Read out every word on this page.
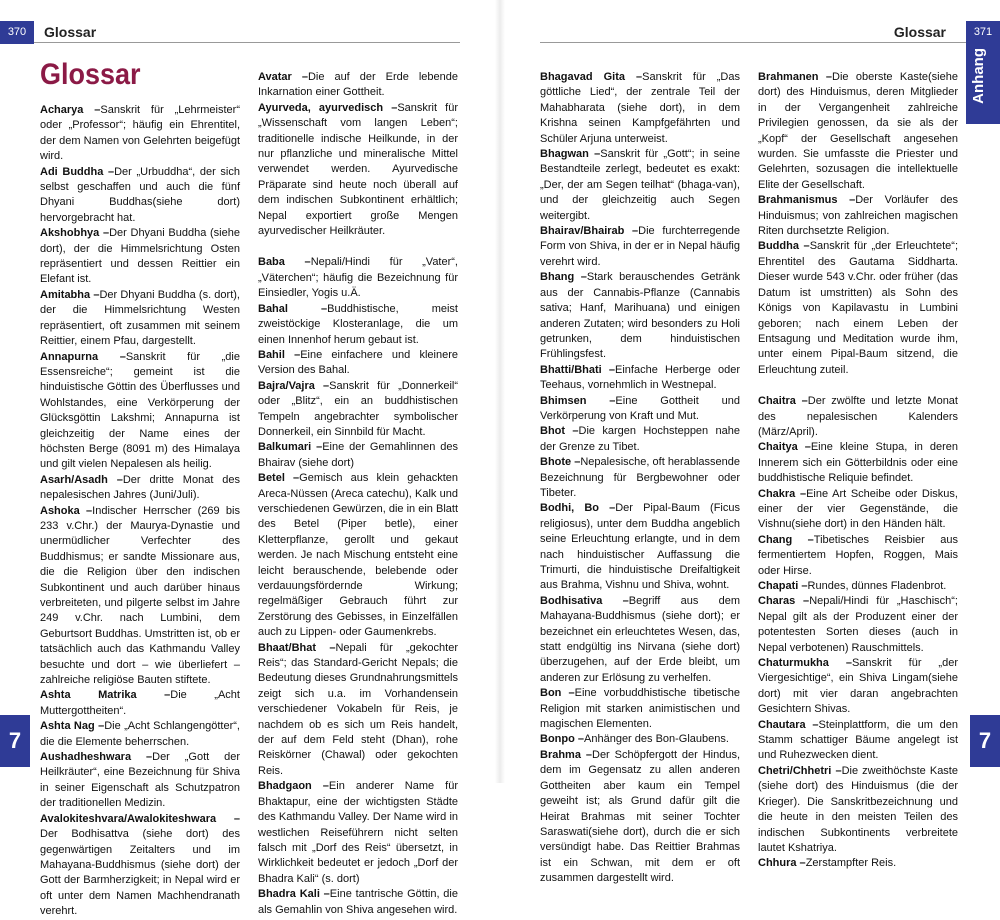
370	Glossar
Glossar

Acharya – Sanskrit für „Lehrmeister“ oder „Professor“; häufig ein Ehrentitel, der dem Namen von Gelehrten beigefügt wird.

Adi Buddha – Der „Urbuddha“, der sich selbst geschaffen und auch die fünf Dhyani Buddhas(siehe dort) hervorgebracht hat.

Akshobhya – Der Dhyani Buddha (siehe dort), der die Himmelsrichtung Osten repräsentiert und dessen Reittier ein Elefant ist.

Amitabha – Der Dhyani Buddha (s. dort), der die Himmelsrichtung Westen repräsentiert, oft zusammen mit seinem Reittier, einem Pfau, dargestellt.

Annapurna –	Sanskrit für „die Essensreiche“; gemeint ist die hinduistische Göttin des Überflusses und Wohlstandes, eine Verkörperung der Glücksgöttin Lakshmi; Annapurna ist gleichzeitig der Name eines der höchsten Berge (8091 m) des Himalaya und gilt vielen Nepalesen als heilig.

Asarh/Asadh – Der dritte Monat des nepalesischen Jahres (Juni/Juli).

Ashoka – Indischer Herrscher (269 bis 233 v.Chr.) der Maurya-Dynastie und unermüdlicher Verfechter des Buddhismus; er sandte Missionare aus, die die Religion über den indischen Subkontinent und auch darüber hinaus verbreiteten, und pilgerte selbst im Jahre 249 v.Chr. nach Lumbini, dem Geburtsort Buddhas. Umstritten ist, ob er tatsächlich auch das Kathmandu Valley besuchte und dort – wie überliefert – zahlreiche religiöse Bauten stiftete.

Ashta Matrika –	Die „Acht Muttergottheiten“.

Ashta Nag – Die „Acht Schlangengötter“, die die Elemente beherrschen.

Aushadheshwara – Der „Gott der Heilkräuter“, eine Bezeichnung für Shiva in seiner Eigenschaft als Schutzpatron der traditionellen Medizin.

Avalokiteshvara/Awalokiteshwara –Der Bodhisattva (siehe dort) des gegenwärtigen Zeitalters und im Mahayana-Buddhismus (siehe dort) der Gott der Barmherzigkeit; in Nepal wird er oft unter dem Namen Machhendranath verehrt.

Avatar – Die auf der Erde lebende Inkarnation einer Gottheit.

Ayurveda, ayurvedisch – Sanskrit für „Wissenschaft vom langen Leben“; traditionelle indische Heilkunde, in der nur pflanzliche und mineralische Mittel verwendet werden. Ayurvedische Präparate sind heute noch überall auf dem indischen Subkontinent erhältlich; Nepal exportiert große Mengen ayurvedischer Heilkräuter.

Baba – Nepali/Hindi für „Vater“, „Väterchen“; häufig die Bezeichnung für Einsiedler, Yogis u.Ä.

Bahal –	Buddhistische, meist zweistöckige Klosteranlage, die um einen Innenhof herum gebaut ist.

Bahil – Eine einfachere und kleinere Version des Bahal.

Bajra/Vajra – Sanskrit für „Donnerkeil“ oder „Blitz“, ein an buddhistischen Tempeln angebrachter symbolischer Donnerkeil, ein Sinnbild für Macht.

Balkumari – Eine der Gemahlinnen des Bhairav (siehe dort)

Betel – Gemisch aus klein gehackten Areca-Nüssen (Areca catechu), Kalk und verschiedenen Gewürzen, die in ein Blatt des Betel (Piper betle), einer Kletterpflanze, gerollt und gekaut werden. Je nach Mischung entsteht eine leicht berauschende, belebende oder verdauungsfördernde Wirkung; regelmäßiger Gebrauch führt zur Zerstörung des Gebisses, in Einzelfällen auch zu Lippen- oder Gaumenkrebs.

Bhaat/Bhat – Nepali für „gekochter Reis“; das Standard-Gericht Nepals; die Bedeutung dieses Grundnahrungsmittels zeigt sich u.a. im Vorhandensein verschiedener Vokabeln für Reis, je nachdem ob es sich um Reis handelt, der auf dem Feld steht (Dhan), rohe Reiskörner (Chawal) oder gekochten Reis.

Bhadgaon – Ein anderer Name für Bhaktapur, eine der wichtigsten Städte des Kathmandu Valley. Der Name wird in westlichen Reiseführern nicht selten falsch mit „Dorf des Reis“ übersetzt, in Wirklichkeit bedeutet er jedoch „Dorf der Bhadra Kali“ (s. dort)

Bhadra Kali – Eine tantrische Göttin, die als Gemahlin von Shiva angesehen wird.

7
371
Glossar
Anhang

Bhagavad Gita – Sanskrit für „Das göttliche Lied“, der zentrale Teil der Mahabharata (siehe dort), in dem Krishna seinen Kampfgefährten und Schüler Arjuna unterweist.

Bhagwan – Sanskrit für „Gott“; in seine Bestandteile zerlegt, bedeutet es exakt: „Der, der am Segen teilhat“ (bhaga-van), und der gleichzeitig auch Segen weitergibt.

Bhairav/Bhairab – Die furchterregende Form von Shiva, in der er in Nepal häufig verehrt wird.

Bhang – Stark berauschendes Getränk aus der Cannabis-Pflanze (Cannabis sativa; Hanf, Marihuana) und einigen anderen Zutaten; wird besonders zu Holi getrunken, dem hinduistischen Frühlingsfest.

Bhatti/Bhati – Einfache Herberge oder Teehaus, vornehmlich in Westnepal.

Bhimsen –	Eine Gottheit und Verkörperung von Kraft und Mut.

Bhot – Die kargen Hochsteppen nahe der Grenze zu Tibet.

Bhote – Nepalesische, oft herablassende Bezeichnung für Bergbewohner oder Tibeter.

Bodhi, Bo – Der Pipal-Baum (Ficus religiosus), unter dem Buddha angeblich seine Erleuchtung erlangte, und in dem nach hinduistischer Auffassung die Trimurti, die hinduistische Dreifaltigkeit aus Brahma, Vishnu und Shiva, wohnt.

Bodhisativa – Begriff aus dem Mahayana-Buddhismus (siehe dort); er bezeichnet ein erleuchtetes Wesen, das, statt endgültig ins Nirvana (siehe dort) überzugehen, auf der Erde bleibt, um anderen zur Erlösung zu verhelfen.

Bon – Eine vorbuddhistische tibetische Religion mit starken animistischen und magischen Elementen.

Bonpo – Anhänger des Bon-Glaubens.

Brahma – Der Schöpfergott der Hindus, dem im Gegensatz zu allen anderen Gottheiten aber kaum ein Tempel geweiht ist; als Grund dafür gilt die Heirat Brahmas mit seiner Tochter Saraswati(siehe dort), durch die er sich versündigt habe. Das Reittier Brahmas ist ein Schwan, mit dem er oft zusammen dargestellt wird.

Brahmanen – Die oberste Kaste(siehe dort) des Hinduismus, deren Mitglieder in der Vergangenheit zahlreiche Privilegien genossen, da sie als der „Kopf“ der Gesellschaft angesehen wurden. Sie umfasste die Priester und Gelehrten, sozusagen die intellektuelle Elite der Gesellschaft.

Brahmanismus – Der Vorläufer des Hinduismus; von zahlreichen magischen Riten durchsetzte Religion.

Buddha – Sanskrit für „der Erleuchtete“; Ehrentitel des Gautama Siddharta. Dieser wurde 543 v.Chr. oder früher (das Datum ist umstritten) als Sohn des Königs von Kapilavastu in Lumbini geboren; nach einem Leben der Entsagung und Meditation wurde ihm, unter einem Pipal-Baum sitzend, die Erleuchtung zuteil.

Chaitra – Der zwölfte und letzte Monat des nepalesischen Kalenders (März/April).

Chaitya – Eine kleine Stupa, in deren Innerem sich ein Götterbildnis oder eine buddhistische Reliquie befindet.

Chakra – Eine Art Scheibe oder Diskus, einer der vier Gegenstände, die Vishnu(siehe dort) in den Händen hält.

Chang – Tibetisches Reisbier aus fermentiertem Hopfen, Roggen, Mais oder Hirse.

Chapati – Rundes, dünnes Fladenbrot.

Charas – Nepali/Hindi für „Haschisch“; Nepal gilt als der Produzent einer der potentesten Sorten dieses (auch in Nepal verbotenen) Rauschmittels.

Chaturmukha – Sanskrit für „der Viergesichtige“, ein Shiva Lingam(siehe dort) mit vier daran angebrachten Gesichtern Shivas.

Chautara – Steinplattform, die um den Stamm schattiger Bäume angelegt ist und Ruhezwecken dient.

Chetri/Chhetri – Die zweithöchste Kaste (siehe dort) des Hinduismus (die der Krieger). Die Sanskritbezeichnung und die heute in den meisten Teilen des indischen Subkontinents verbreitete lautet Kshatriya.

Chhura – Zerstampfter Reis.

7
